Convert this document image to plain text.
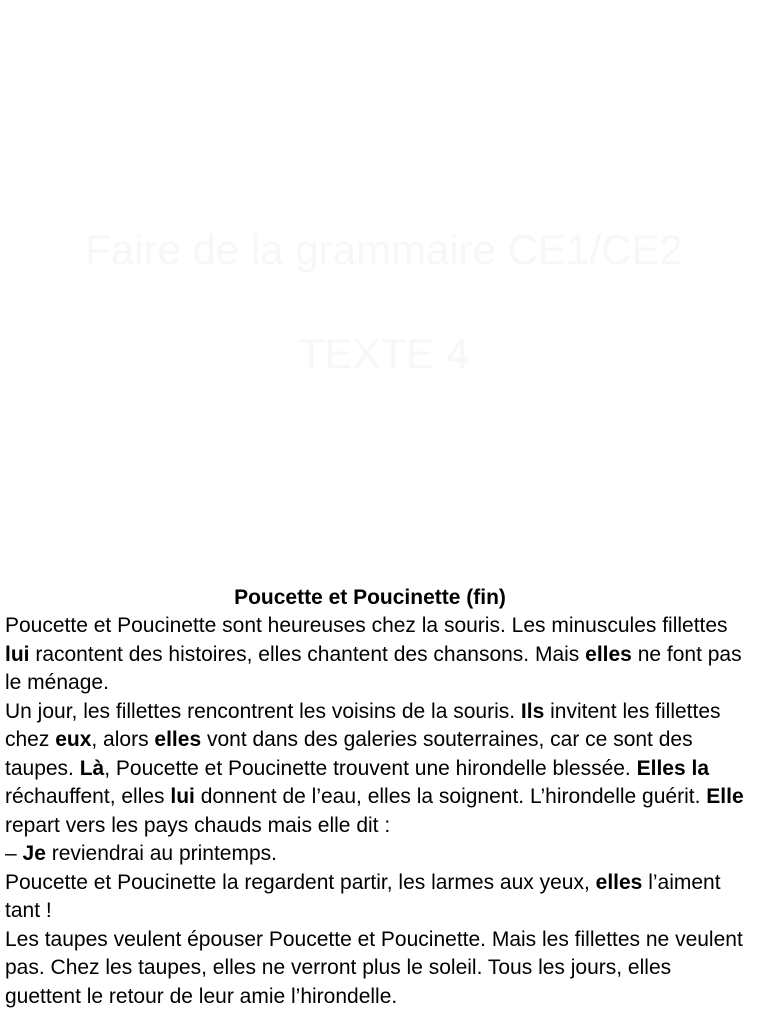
Faire de la grammaire CE1/CE2
TEXTE 4
Poucette et Poucinette (fin)

Poucette et Poucinette sont heureuses chez la souris. Les minuscules fillettes lui racontent des histoires, elles chantent des chansons. Mais elles ne font pas le ménage.

Un jour, les fillettes rencontrent les voisins de la souris. Ils invitent les fillettes chez eux, alors elles vont dans des galeries souterraines, car ce sont des taupes. Là, Poucette et Poucinette trouvent une hirondelle blessée. Elles la réchauffent, elles lui donnent de l’eau, elles la soignent. L’hirondelle guérit. Elle repart vers les pays chauds mais elle dit :

– Je reviendrai au printemps.

Poucette et Poucinette la regardent partir, les larmes aux yeux, elles l’aiment tant !

Les taupes veulent épouser Poucette et Poucinette. Mais les fillettes ne veulent pas. Chez les taupes, elles ne verront plus le soleil. Tous les jours, elles guettent le retour de leur amie l’hirondelle.
